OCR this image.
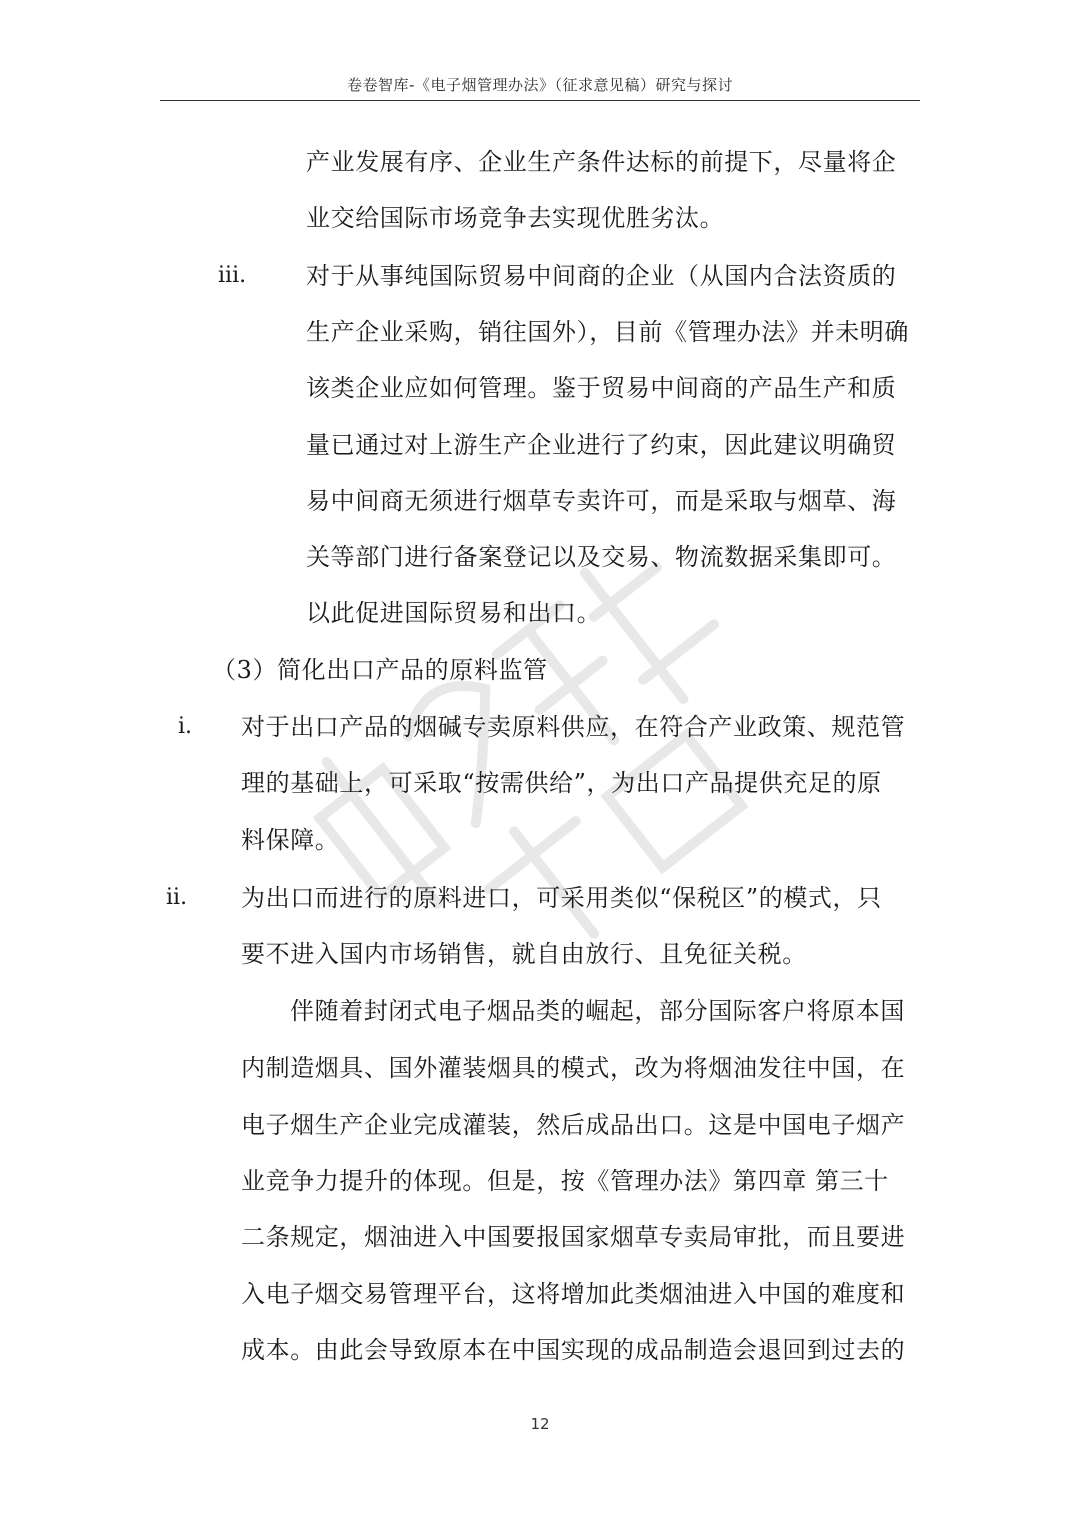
卷卷智库-《电子烟管理办法》（征求意见稿）研究与探讨
产业发展有序、企业生产条件达标的前提下，尽量将企
业交给国际市场竞争去实现优胜劣汰。
iii. 对于从事纯国际贸易中间商的企业（从国内合法资质的
生产企业采购，销往国外），目前《管理办法》并未明确
该类企业应如何管理。鉴于贸易中间商的产品生产和质
量已通过对上游生产企业进行了约束，因此建议明确贸
易中间商无须进行烟草专卖许可，而是采取与烟草、海
关等部门进行备案登记以及交易、物流数据采集即可。
以此促进国际贸易和出口。
（3）简化出口产品的原料监管
i. 对于出口产品的烟碱专卖原料供应，在符合产业政策、规范管
理的基础上，可采取“按需供给”，为出口产品提供充足的原
料保障。
ii. 为出口而进行的原料进口，可采用类似“保税区”的模式，只
要不进入国内市场销售，就自由放行、且免征关税。
伴随着封闭式电子烟品类的崛起，部分国际客户将原本国
内制造烟具、国外灌装烟具的模式，改为将烟油发往中国，在
电子烟生产企业完成灌装，然后成品出口。这是中国电子烟产
业竞争力提升的体现。但是，按《管理办法》第四章 第三十
二条规定，烟油进入中国要报国家烟草专卖局审批，而且要进
入电子烟交易管理平台，这将增加此类烟油进入中国的难度和
成本。由此会导致原本在中国实现的成品制造会退回到过去的
12
